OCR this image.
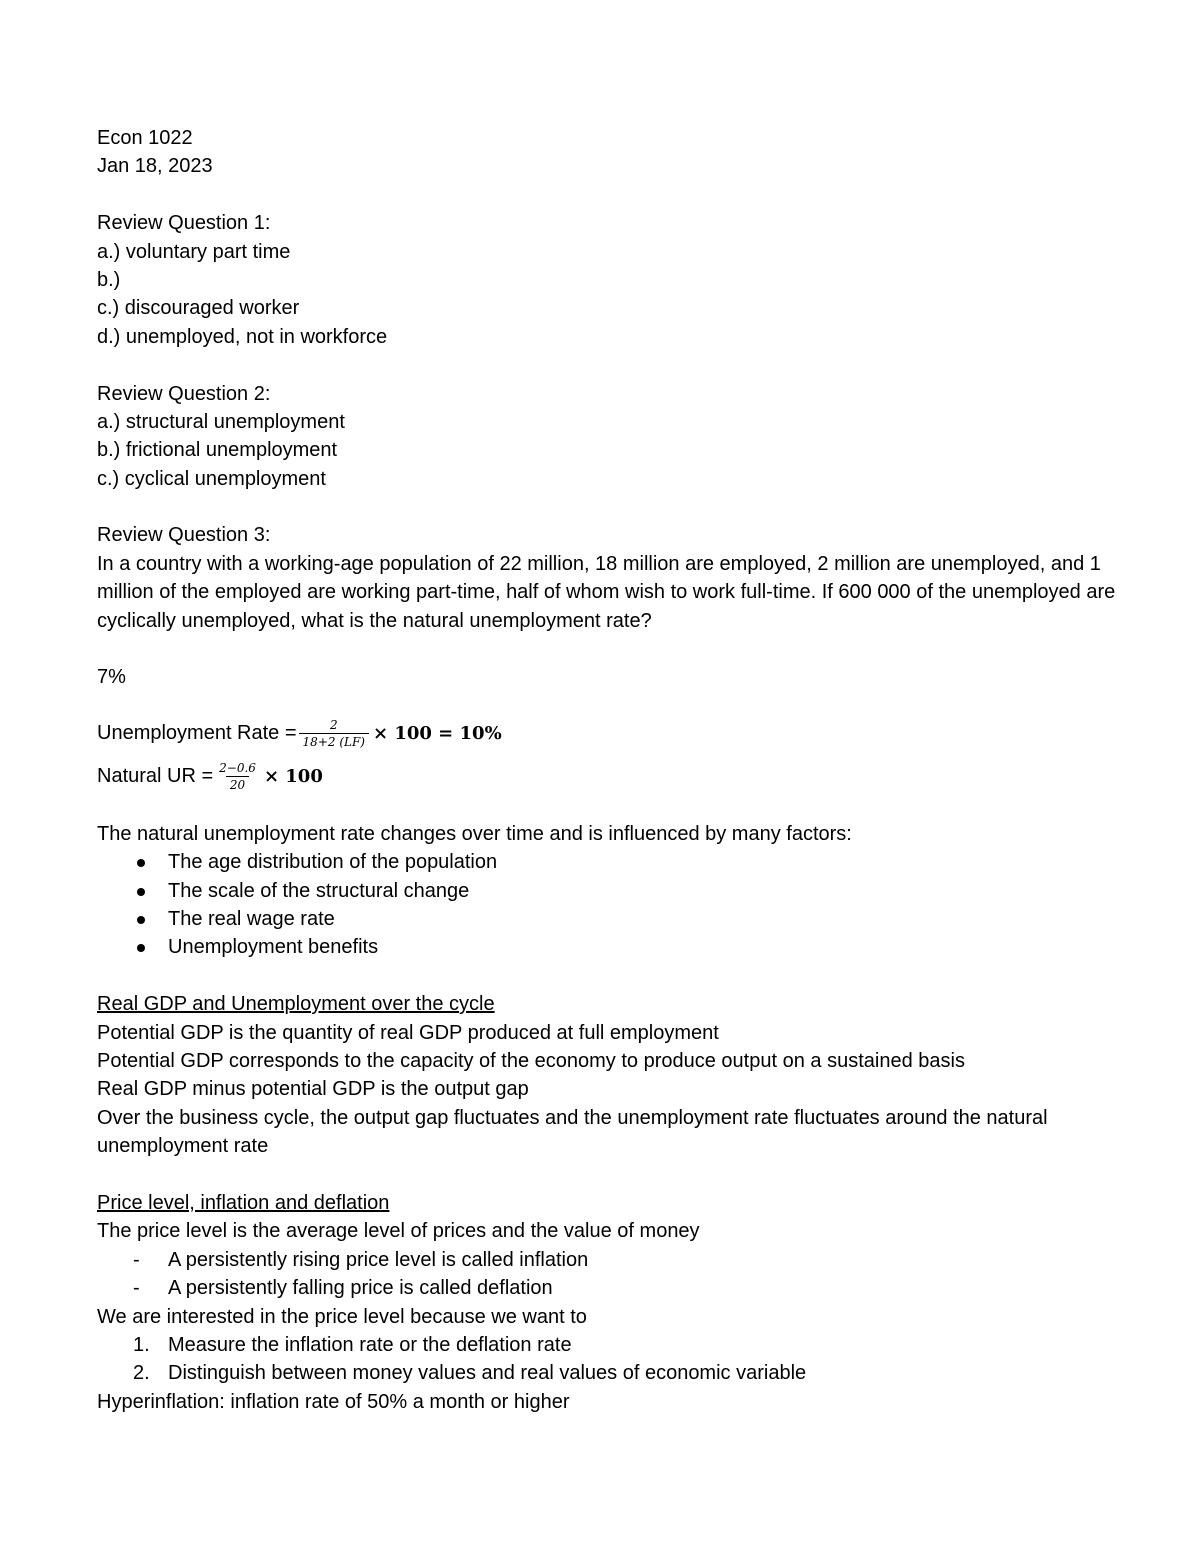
Econ 1022
Jan 18, 2023
Review Question 1:
a.) voluntary part time
b.)
c.) discouraged worker
d.) unemployed, not in workforce
Review Question 2:
a.) structural unemployment
b.) frictional unemployment
c.) cyclical unemployment
Review Question 3:
In a country with a working-age population of 22 million, 18 million are employed, 2 million are unemployed, and 1 million of the employed are working part-time, half of whom wish to work full-time. If 600 000 of the unemployed are cyclically unemployed, what is the natural unemployment rate?
7%
Unemployment Rate = $\frac{2}{18+2 (LF)} \times 100 = 10\%$
Natural UR = $\frac{2-0.6}{20} \times 100$
The natural unemployment rate changes over time and is influenced by many factors:
The age distribution of the population
The scale of the structural change
The real wage rate
Unemployment benefits
Real GDP and Unemployment over the cycle
Potential GDP is the quantity of real GDP produced at full employment
Potential GDP corresponds to the capacity of the economy to produce output on a sustained basis
Real GDP minus potential GDP is the output gap
Over the business cycle, the output gap fluctuates and the unemployment rate fluctuates around the natural unemployment rate
Price level, inflation and deflation
The price level is the average level of prices and the value of money
- A persistently rising price level is called inflation
- A persistently falling price is called deflation
We are interested in the price level because we want to
1. Measure the inflation rate or the deflation rate
2. Distinguish between money values and real values of economic variable
Hyperinflation: inflation rate of 50% a month or higher
